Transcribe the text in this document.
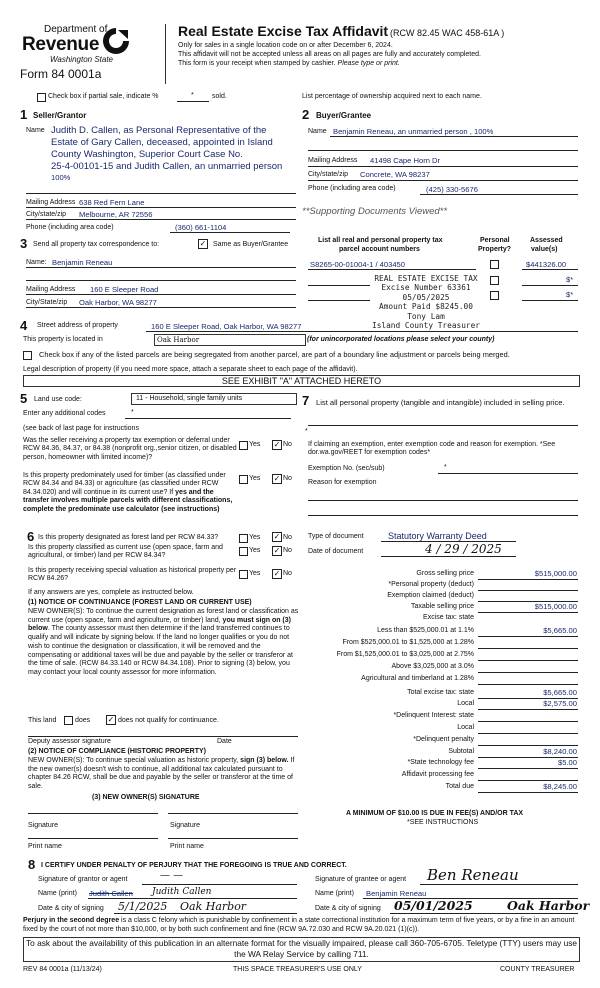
Department of
Revenue
Washington State
Form 84 0001a
Real Estate Excise Tax Affidavit (RCW 82.45 WAC 458-61A )
Only for sales in a single location code on or after December 6, 2024.
This affidavit will not be accepted unless all areas on all pages are fully and accurately completed.
This form is your receipt when stamped by cashier. Please type or print.
Check box if partial sale, indicate %	*	sold.	List percentage of ownership acquired next to each name.
1 Seller/Grantor
Name Judith D. Callen, as Personal Representative of the
Estate of Gary Callen, deceased, appointed in Island
County Washington, Superior Court Case No.
25-4-00101-15 and Judith Callen, an unmarried person
100%
Mailing Address 638 Red Fern Lane
City/state/zip Melbourne, AR 72556
Phone (including area code)	(360) 661-1104
2 Buyer/Grantee
Name Benjamin Reneau, an unmarried person , 100%
Mailing Address 41498 Cape Horn Dr
City/state/zip Concrete, WA 98237
Phone (including area code)	(425) 330-5676
**Supporting Documents Viewed**
3 Send all property tax correspondence to:	✓ Same as Buyer/Grantee
Name: Benjamin Reneau
Mailing Address 160 E Sleeper Road
City/State/zip Oak Harbor, WA 98277
List all real and personal property tax
parcel account numbers
Personal
Property?
Assessed
value(s)
S8265-00-01004-1 / 403450	$441326.00
$*
$*
REAL ESTATE EXCISE TAX
Excise Number 63361
05/05/2025
Amount Paid $8245.00
Tony Lam
Island County Treasurer
4 Street address of property	160 E Sleeper Road, Oak Harbor, WA 98277
This property is located in	Oak Harbor	(for unincorporated locations please select your county)
Check box if any of the listed parcels are being segregated from another parcel, are part of a boundary line adjustment or parcels being merged.
Legal description of property (if you need more space, attach a separate sheet to each page of the affidavit).
SEE EXHIBIT "A" ATTACHED HERETO
5 Land use code:	11 - Household, single family units
Enter any additional codes	*
(see back of last page for instructions
Was the seller receiving a property tax exemption or deferral under RCW 84.36, 84.37, or 84.38 (nonprofit org.,senior citizen, or disabled person, homeowner with limited income)?
Yes ✓ No
Is this property predominately used for timber (as classified under RCW 84.34 and 84.33) or agriculture (as classified under RCW 84.34.020) and will continue in its current use? If yes and the transfer involves multiple parcels with different classifications, complete the predominate use calculator (see instructions)
Yes ✓ No
6 Is this property designated as forest land per RCW 84.33?	Yes ✓ No
Is this property classified as current use (open space, farm and agricultural, or timber) land per RCW 84.34?
Yes ✓ No
Is this property receiving special valuation as historical property per RCW 84.26?
Yes ✓ No
If any answers are yes, complete as instructed below.
(1) NOTICE OF CONTINUANCE (FOREST LAND OR CURRENT USE)
NEW OWNER(S): To continue the current designation as forest land or classification as current use (open space, farm and agriculture, or timber) land, you must sign on (3) below. The county assessor must then determine if the land transferred continues to qualify and will indicate by signing below. If the land no longer qualifies or you do not wish to continue the designation or classification, it will be removed and the compensating or additional taxes will be due and payable by the seller or transferor at the time of sale. (RCW 84.33.140 or RCW 84.34.108). Prior to signing (3) below, you may contact your local county assessor for more information.
This land	does ✓ does not qualify for continuance.
Deputy assessor signature	Date
(2) NOTICE OF COMPLIANCE (HISTORIC PROPERTY)
NEW OWNER(S): To continue special valuation as historic property, sign (3) below. If the new owner(s) doesn't wish to continue, all additional tax calculated pursuant to chapter 84.26 RCW, shall be due and payable by the seller or transferor at the time of sale.
(3) NEW OWNER(S) SIGNATURE
Signature	Signature
Print name	Print name
7 List all personal property (tangible and intangible) included in selling price.
*
If claiming an exemption, enter exemption code and reason for exemption. *See dor.wa.gov/REET for exemption codes*
Exemption No. (sec/sub)	*
Reason for exemption
Type of document	Statutory Warranty Deed
Date of document	4 / 29 / 2025
Gross selling price	$515,000.00
*Personal property (deduct)
Exemption claimed (deduct)
Taxable selling price	$515,000.00
Excise tax: state
Less than $525,000.01 at 1.1%	$5,665.00
From $525,000.01 to $1,525,000 at 1.28%
From $1,525,000.01 to $3,025,000 at 2.75%
Above $3,025,000 at 3.0%
Agricultural and timberland at 1.28%
Total excise tax: state	$5,665.00
Local	$2,575.00
*Delinquent Interest: state
Local
*Delinquent penalty
Subtotal	$8,240.00
*State technology fee	$5.00
Affidavit processing fee
Total due	$8,245.00
A MINIMUM OF $10.00 IS DUE IN FEE(S) AND/OR TAX
*SEE INSTRUCTIONS
8 I CERTIFY UNDER PENALTY OF PERJURY THAT THE FOREGOING IS TRUE AND CORRECT.
Signature of grantor or agent	— —	Signature of grantee or agent Ben Reneau
Name (print) Judith Callen Judith Callen	Name (print) Benjamin Reneau
Date & city of signing 5/1/2025 Oak Harbor	Date & city of signing 05/01/2025	Oak Harbor
Perjury in the second degree is a class C felony which is punishable by confinement in a state correctional institution for a maximum term of five years, or by a fine in an amount fixed by the court of not more than $10,000, or by both such confinement and fine (RCW 9A.72.030 and RCW 9A.20.021 (1)(c)).
To ask about the availability of this publication in an alternate format for the visually impaired, please call 360-705-6705. Teletype (TTY) users may use the WA Relay Service by calling 711.
REV 84 0001a (11/13/24)	THIS SPACE TREASURER'S USE ONLY	COUNTY TREASURER
